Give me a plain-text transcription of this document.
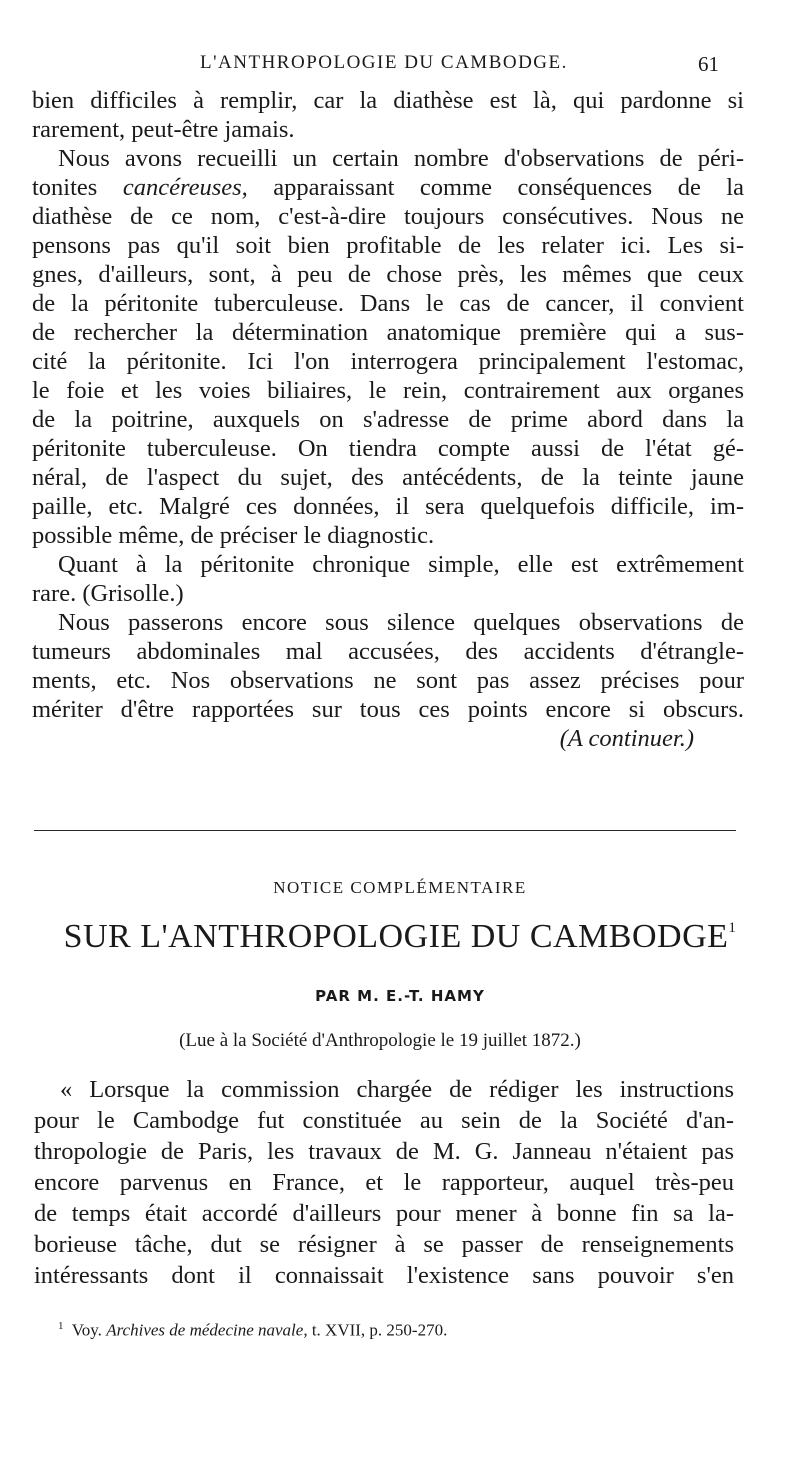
L'ANTHROPOLOGIE DU CAMBODGE.	61
bien difficiles à remplir, car la diathèse est là, qui pardonne si
rarement, peut-être jamais.
Nous avons recueilli un certain nombre d'observations de péri-
tonites cancéreuses, apparaissant comme conséquences de la
diathèse de ce nom, c'est-à-dire toujours consécutives. Nous ne
pensons pas qu'il soit bien profitable de les relater ici. Les si-
gnes, d'ailleurs, sont, à peu de chose près, les mêmes que ceux
de la péritonite tuberculeuse. Dans le cas de cancer, il convient
de rechercher la détermination anatomique première qui a sus-
cité la péritonite. Ici l'on interrogera principalement l'estomac,
le foie et les voies biliaires, le rein, contrairement aux organes
de la poitrine, auxquels on s'adresse de prime abord dans la
péritonite tuberculeuse. On tiendra compte aussi de l'état gé-
néral, de l'aspect du sujet, des antécédents, de la teinte jaune
paille, etc. Malgré ces données, il sera quelquefois difficile, im-
possible même, de préciser le diagnostic.
Quant à la péritonite chronique simple, elle est extrêmement
rare. (Grisolle.)
Nous passerons encore sous silence quelques observations de
tumeurs abdominales mal accusées, des accidents d'étrangle-
ments, etc. Nos observations ne sont pas assez précises pour
mériter d'être rapportées sur tous ces points encore si obscurs.
(A continuer.)
NOTICE COMPLÉMENTAIRE
SUR L'ANTHROPOLOGIE DU CAMBODGE$^1$
PAR M. E.-T. HAMY
(Lue à la Société d'Anthropologie le 19 juillet 1872.)
« Lorsque la commission chargée de rédiger les instructions
pour le Cambodge fut constituée au sein de la Société d'an-
thropologie de Paris, les travaux de M. G. Janneau n'étaient pas
encore parvenus en France, et le rapporteur, auquel très-peu
de temps était accordé d'ailleurs pour mener à bonne fin sa la-
borieuse tâche, dut se résigner à se passer de renseignements
intéressants dont il connaissait l'existence sans pouvoir s'en
$^1$ Voy. Archives de médecine navale, t. XVII, p. 250-270.
